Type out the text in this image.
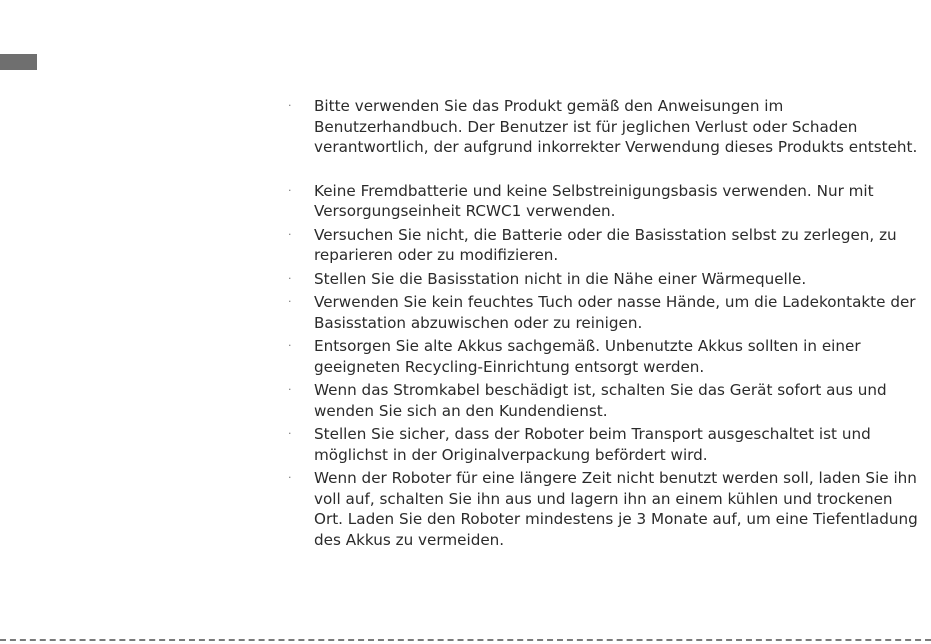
·	Bitte verwenden Sie das Produkt gemäß den Anweisungen im Benutzerhandbuch. Der Benutzer ist für jeglichen Verlust oder Schaden verantwortlich, der aufgrund inkorrekter Verwendung dieses Produkts entsteht.
·	Keine Fremdbatterie und keine Selbstreinigungsbasis verwenden. Nur mit Versorgungseinheit RCWC1 verwenden.
·	Versuchen Sie nicht, die Batterie oder die Basisstation selbst zu zerlegen, zu reparieren oder zu modifizieren.
·	Stellen Sie die Basisstation nicht in die Nähe einer Wärmequelle.
·	Verwenden Sie kein feuchtes Tuch oder nasse Hände, um die Ladekontakte der Basisstation abzuwischen oder zu reinigen.
·	Entsorgen Sie alte Akkus sachgemäß. Unbenutzte Akkus sollten in einer geeigneten Recycling-Einrichtung entsorgt werden.
·	Wenn das Stromkabel beschädigt ist, schalten Sie das Gerät sofort aus und wenden Sie sich an den Kundendienst.
·	Stellen Sie sicher, dass der Roboter beim Transport ausgeschaltet ist und möglichst in der Originalverpackung befördert wird.
·	Wenn der Roboter für eine längere Zeit nicht benutzt werden soll, laden Sie ihn voll auf, schalten Sie ihn aus und lagern ihn an einem kühlen und trockenen Ort. Laden Sie den Roboter mindestens je 3 Monate auf, um eine Tiefentladung des Akkus zu vermeiden.
